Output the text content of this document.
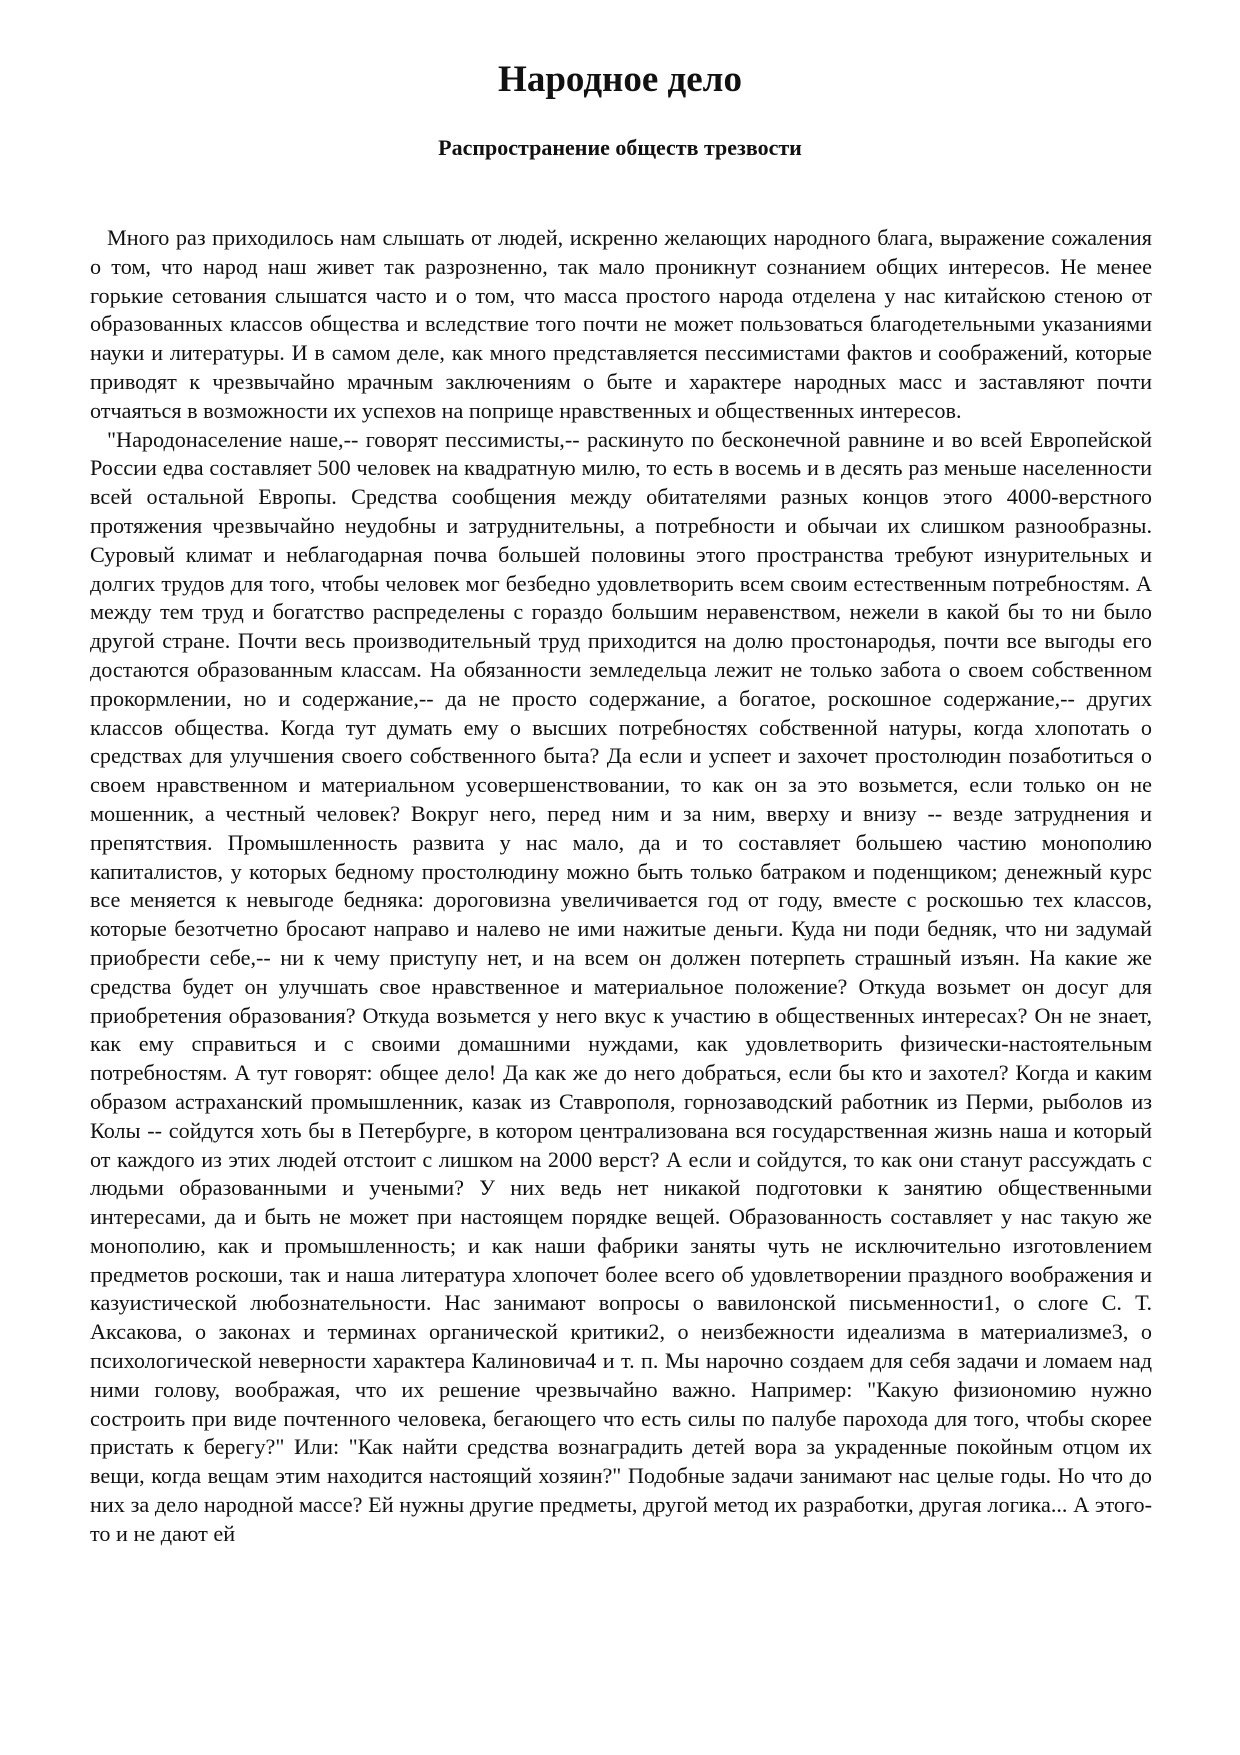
Народное дело
Распространение обществ трезвости

Много раз приходилось нам слышать от людей, искренно желающих народного блага, выражение сожаления о том, что народ наш живет так разрозненно, так мало проникнут сознанием общих интересов. Не менее горькие сетования слышатся часто и о том, что масса простого народа отделена у нас китайскою стеною от образованных классов общества и вследствие того почти не может пользоваться благодетельными указаниями науки и литературы. И в самом деле, как много представляется пессимистами фактов и соображений, которые приводят к чрезвычайно мрачным заключениям о быте и характере народных масс и заставляют почти отчаяться в возможности их успехов на поприще нравственных и общественных интересов.

"Народонаселение наше,-- говорят пессимисты,-- раскинуто по бесконечной равнине и во всей Европейской России едва составляет 500 человек на квадратную милю, то есть в восемь и в десять раз меньше населенности всей остальной Европы. Средства сообщения между обитателями разных концов этого 4000-верстного протяжения чрезвычайно неудобны и затруднительны, а потребности и обычаи их слишком разнообразны. Суровый климат и неблагодарная почва большей половины этого пространства требуют изнурительных и долгих трудов для того, чтобы человек мог безбедно удовлетворить всем своим естественным потребностям. А между тем труд и богатство распределены с гораздо большим неравенством, нежели в какой бы то ни было другой стране. Почти весь производительный труд приходится на долю простонародья, почти все выгоды его достаются образованным классам. На обязанности земледельца лежит не только забота о своем собственном прокормлении, но и содержание,-- да не просто содержание, а богатое, роскошное содержание,-- других классов общества. Когда тут думать ему о высших потребностях собственной натуры, когда хлопотать о средствах для улучшения своего собственного быта? Да если и успеет и захочет простолюдин позаботиться о своем нравственном и материальном усовершенствовании, то как он за это возьмется, если только он не мошенник, а честный человек? Вокруг него, перед ним и за ним, вверху и внизу -- везде затруднения и препятствия. Промышленность развита у нас мало, да и то составляет большею частию монополию капиталистов, у которых бедному простолюдину можно быть только батраком и поденщиком; денежный курс все меняется к невыгоде бедняка: дороговизна увеличивается год от году, вместе с роскошью тех классов, которые безотчетно бросают направо и налево не ими нажитые деньги. Куда ни поди бедняк, что ни задумай приобрести себе,-- ни к чему приступу нет, и на всем он должен потерпеть страшный изъян. На какие же средства будет он улучшать свое нравственное и материальное положение? Откуда возьмет он досуг для приобретения образования? Откуда возьмется у него вкус к участию в общественных интересах? Он не знает, как ему справиться и с своими домашними нуждами, как удовлетворить физически-настоятельным потребностям. А тут говорят: общее дело! Да как же до него добраться, если бы кто и захотел? Когда и каким образом астраханский промышленник, казак из Ставрополя, горнозаводский работник из Перми, рыболов из Колы -- сойдутся хоть бы в Петербурге, в котором централизована вся государственная жизнь наша и который от каждого из этих людей отстоит с лишком на 2000 верст? А если и сойдутся, то как они станут рассуждать с людьми образованными и учеными? У них ведь нет никакой подготовки к занятию общественными интересами, да и быть не может при настоящем порядке вещей. Образованность составляет у нас такую же монополию, как и промышленность; и как наши фабрики заняты чуть не исключительно изготовлением предметов роскоши, так и наша литература хлопочет более всего об удовлетворении праздного воображения и казуистической любознательности. Нас занимают вопросы о вавилонской письменности1, о слоге С. Т. Аксакова, о законах и терминах органической критики2, о неизбежности идеализма в материализме3, о психологической неверности характера Калиновича4 и т. п. Мы нарочно создаем для себя задачи и ломаем над ними голову, воображая, что их решение чрезвычайно важно. Например: "Какую физиономию нужно состроить при виде почтенного человека, бегающего что есть силы по палубе парохода для того, чтобы скорее пристать к берегу?" Или: "Как найти средства вознаградить детей вора за украденные покойным отцом их вещи, когда вещам этим находится настоящий хозяин?" Подобные задачи занимают нас целые годы. Но что до них за дело народной массе? Ей нужны другие предметы, другой метод их разработки, другая логика... А этого-то и не дают ей
